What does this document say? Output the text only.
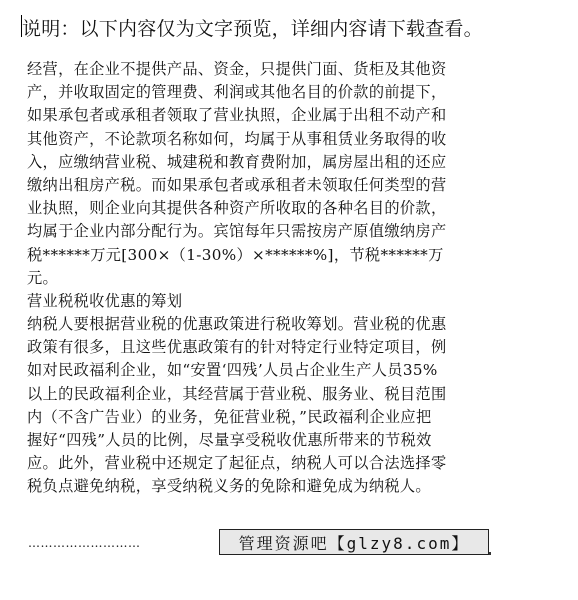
说明：以下内容仅为文字预览，详细内容请下载查看。
经营，在企业不提供产品、资金，只提供门面、货柜及其他资
产，并收取固定的管理费、利润或其他名目的价款的前提下，
如果承包者或承租者领取了营业执照，企业属于出租不动产和
其他资产，不论款项名称如何，均属于从事租赁业务取得的收
入，应缴纳营业税、城建税和教育费附加，属房屋出租的还应
缴纳出租房产税。而如果承包者或承租者未领取任何类型的营
业执照，则企业向其提供各种资产所收取的各种名目的价款，
均属于企业内部分配行为。宾馆每年只需按房产原值缴纳房产
税******万元[300×（1-30%）×******%]，节税******万
元。
营业税税收优惠的筹划
纳税人要根据营业税的优惠政策进行税收筹划。营业税的优惠
政策有很多，且这些优惠政策有的针对特定行业特定项目，例
如对民政福利企业，如“安置‘四残’人员占企业生产人员35%
以上的民政福利企业，其经营属于营业税、服务业、税目范围
内（不含广告业）的业务，免征营业税，”民政福利企业应把
握好“四残”人员的比例，尽量享受税收优惠所带来的节税效
应。此外，营业税中还规定了起征点，纳税人可以合法选择零
税负点避免纳税，享受纳税义务的免除和避免成为纳税人。
………………………	管理资源吧【glzy8.com】
